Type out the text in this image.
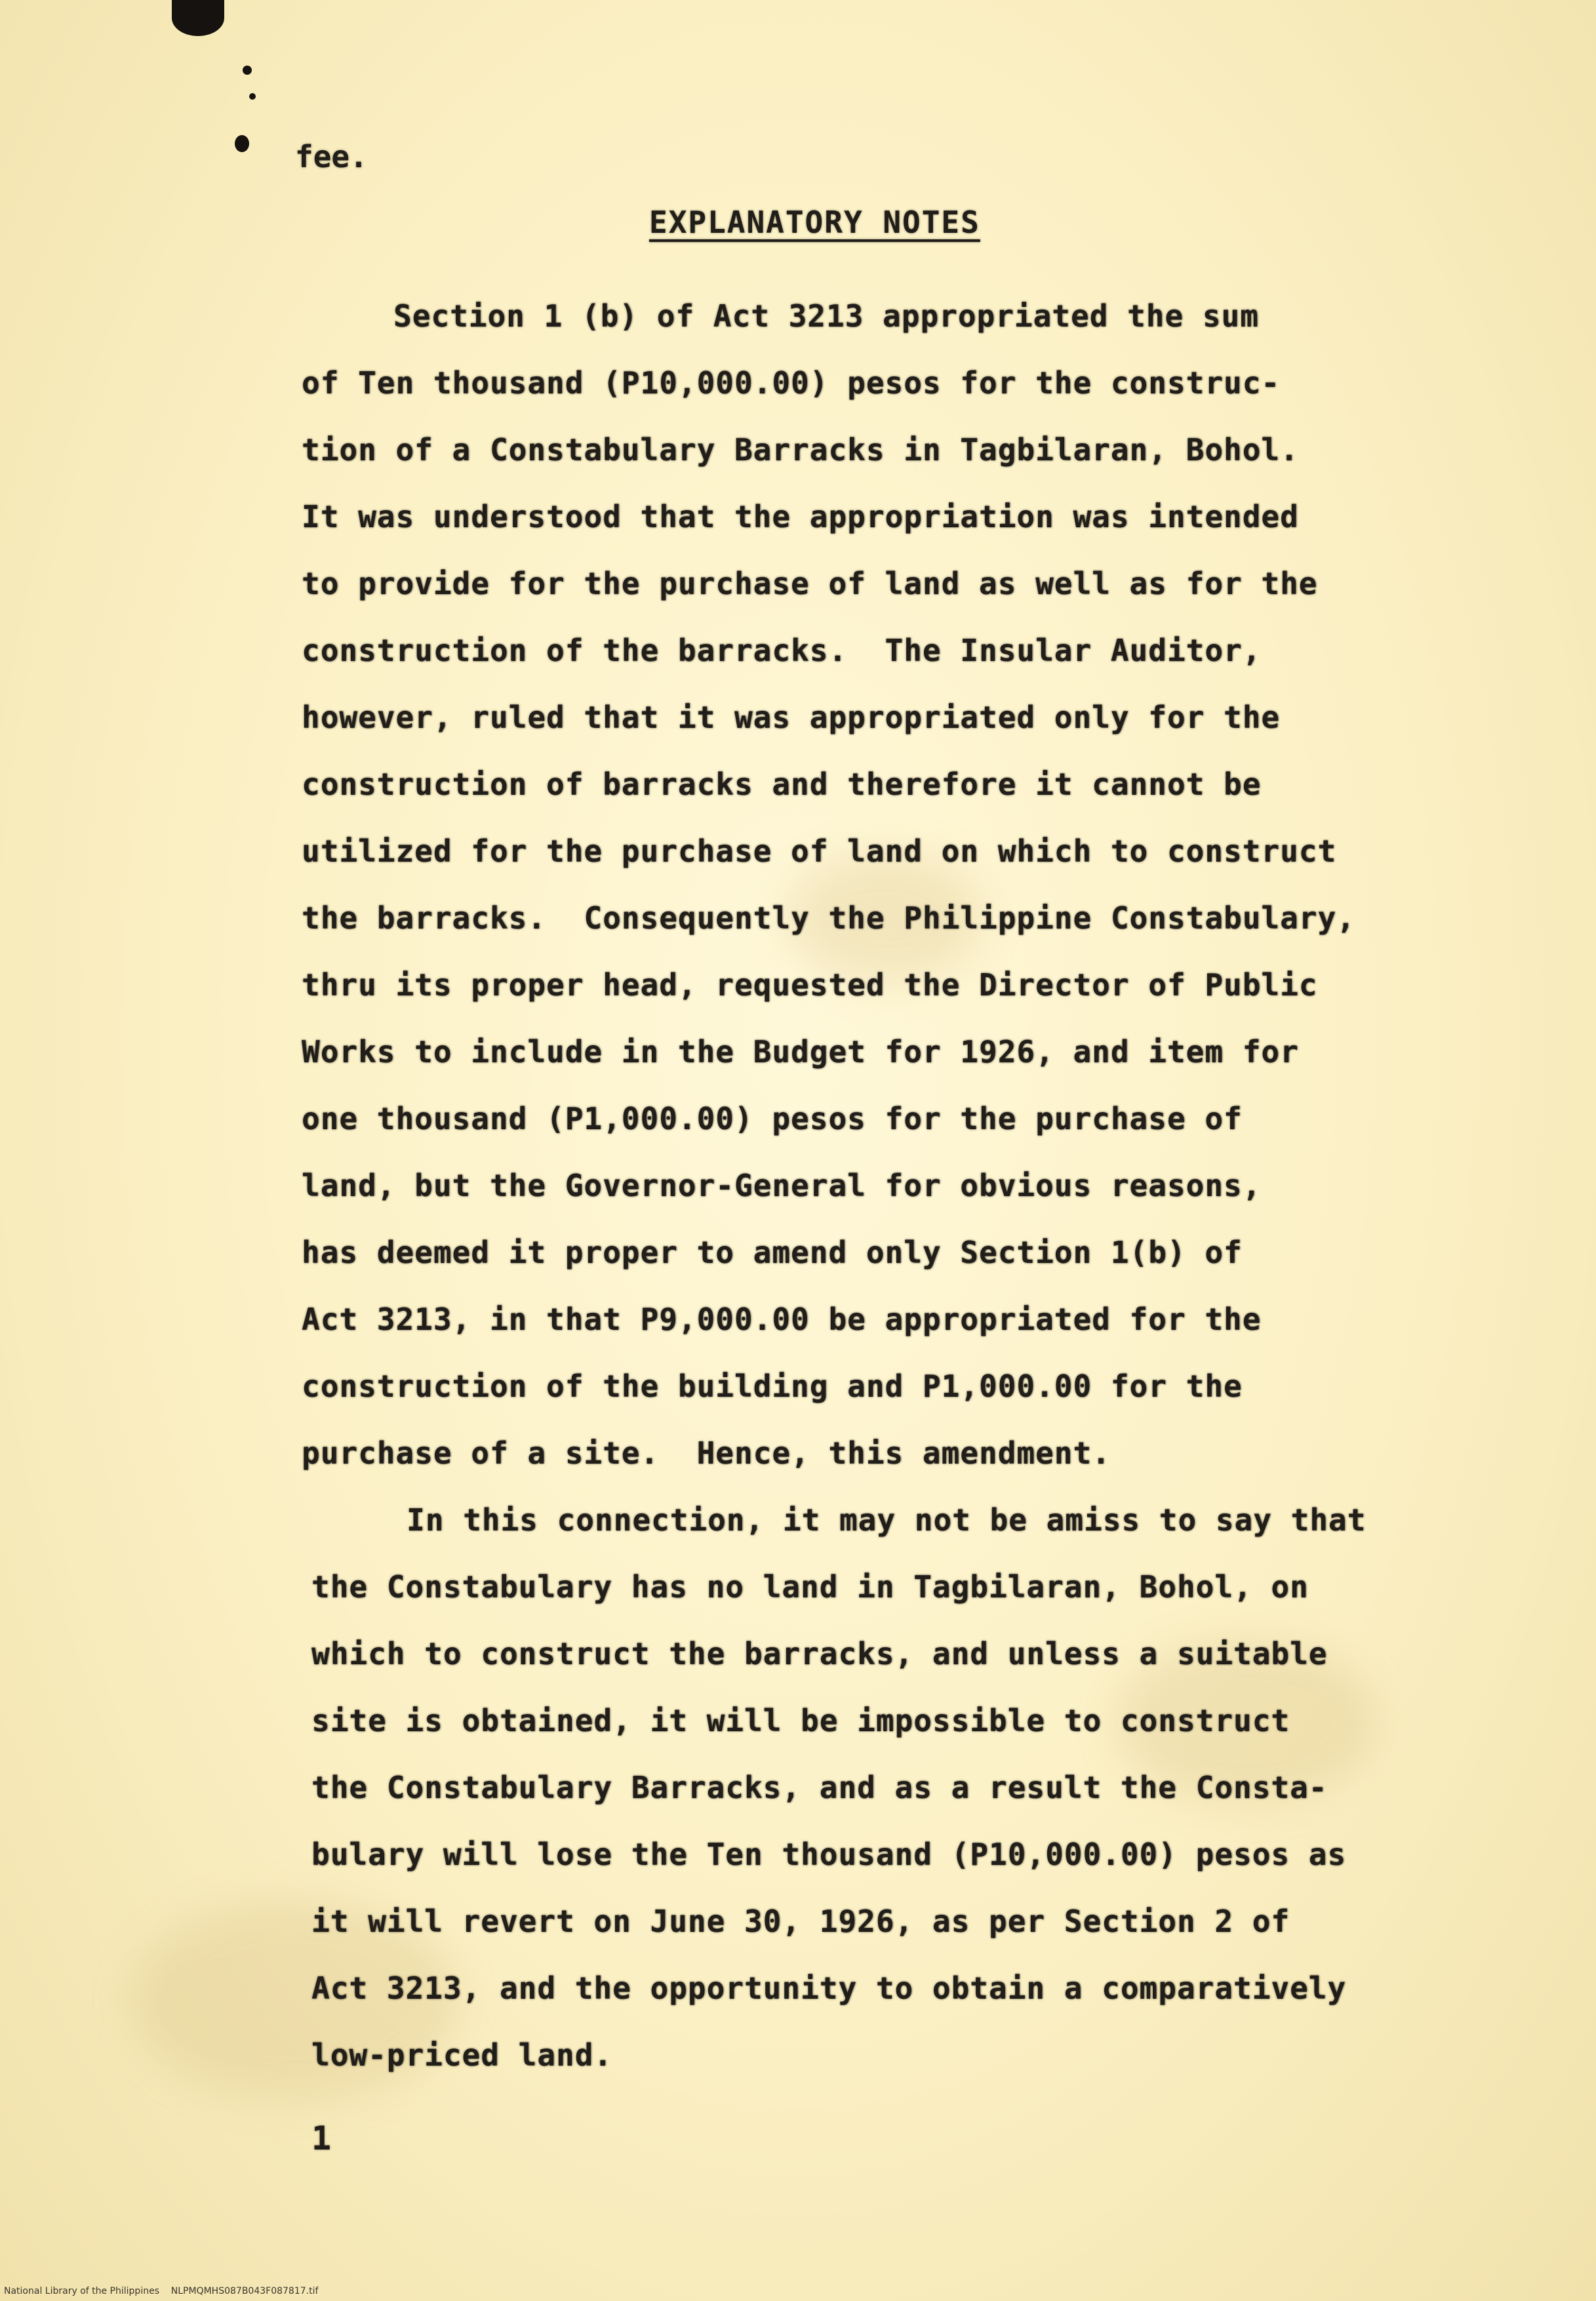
fee.
EXPLANATORY NOTES
Section 1 (b) of Act 3213 appropriated the sum
of Ten thousand (P10,000.00) pesos for the construc-
tion of a Constabulary Barracks in Tagbilaran, Bohol.
It was understood that the appropriation was intended
to provide for the purchase of land as well as for the
construction of the barracks.  The Insular Auditor,
however, ruled that it was appropriated only for the
construction of barracks and therefore it cannot be
utilized for the purchase of land on which to construct
the barracks.  Consequently the Philippine Constabulary,
thru its proper head, requested the Director of Public
Works to include in the Budget for 1926, and item for
one thousand (P1,000.00) pesos for the purchase of
land, but the Governor-General for obvious reasons,
has deemed it proper to amend only Section 1(b) of
Act 3213, in that P9,000.00 be appropriated for the
construction of the building and P1,000.00 for the
purchase of a site.  Hence, this amendment.
In this connection, it may not be amiss to say that
the Constabulary has no land in Tagbilaran, Bohol, on
which to construct the barracks, and unless a suitable
site is obtained, it will be impossible to construct
the Constabulary Barracks, and as a result the Consta-
bulary will lose the Ten thousand (P10,000.00) pesos as
it will revert on June 30, 1926, as per Section 2 of
Act 3213, and the opportunity to obtain a comparatively
low-priced land.
1
National Library of the Philippines    NLPMQMHS087B043F087817.tif
